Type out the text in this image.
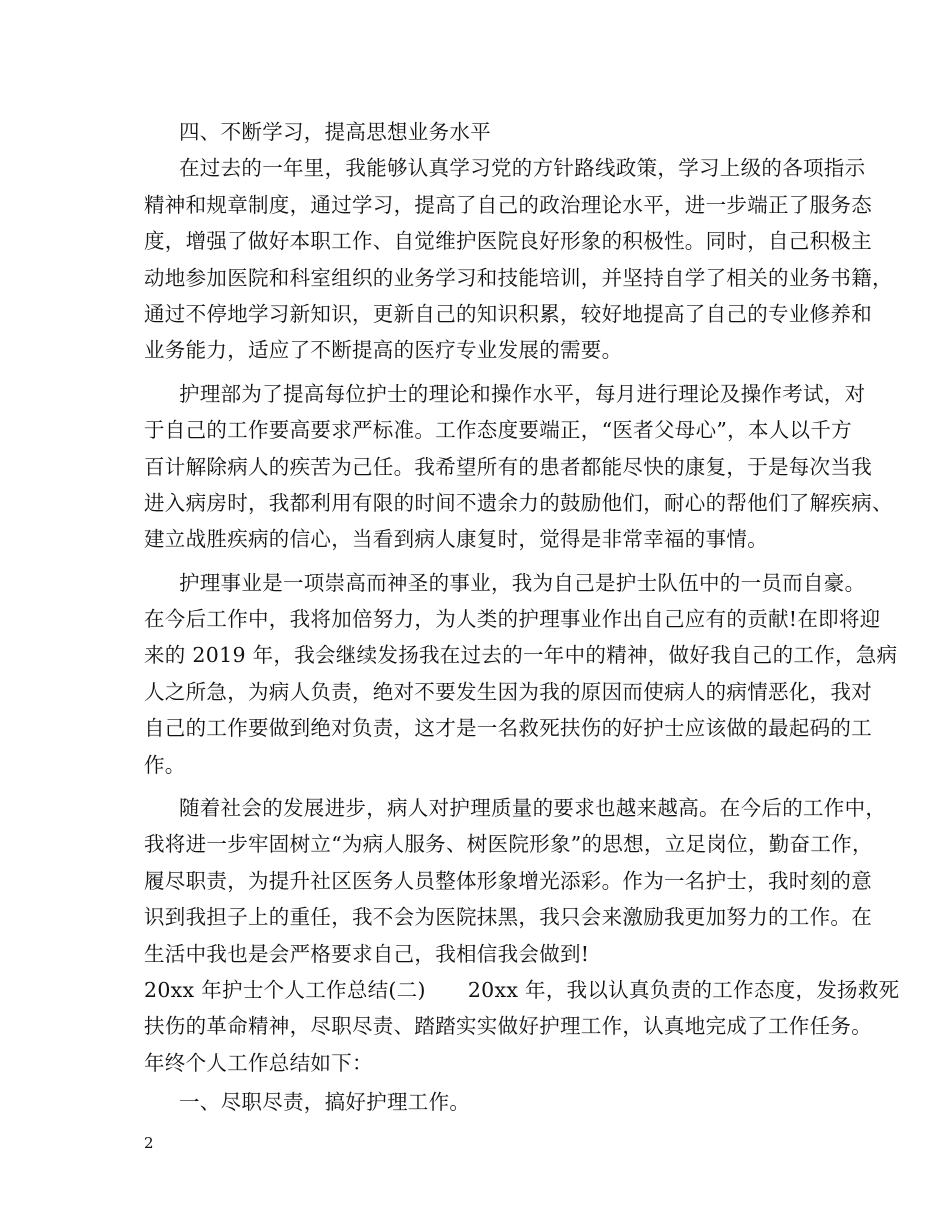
四、不断学习，提高思想业务水平
在过去的一年里，我能够认真学习党的方针路线政策，学习上级的各项指示
精神和规章制度，通过学习，提高了自己的政治理论水平，进一步端正了服务态
度，增强了做好本职工作、自觉维护医院良好形象的积极性。同时，自己积极主
动地参加医院和科室组织的业务学习和技能培训，并坚持自学了相关的业务书籍，
通过不停地学习新知识，更新自己的知识积累，较好地提高了自己的专业修养和
业务能力，适应了不断提高的医疗专业发展的需要。
护理部为了提高每位护士的理论和操作水平，每月进行理论及操作考试，对
于自己的工作要高要求严标准。工作态度要端正，“医者父母心”，本人以千方
百计解除病人的疾苦为己任。我希望所有的患者都能尽快的康复，于是每次当我
进入病房时，我都利用有限的时间不遗余力的鼓励他们，耐心的帮他们了解疾病、
建立战胜疾病的信心，当看到病人康复时，觉得是非常幸福的事情。
护理事业是一项崇高而神圣的事业，我为自己是护士队伍中的一员而自豪。
在今后工作中，我将加倍努力，为人类的护理事业作出自己应有的贡献!在即将迎
来的 2019 年，我会继续发扬我在过去的一年中的精神，做好我自己的工作，急病
人之所急，为病人负责，绝对不要发生因为我的原因而使病人的病情恶化，我对
自己的工作要做到绝对负责，这才是一名救死扶伤的好护士应该做的最起码的工
作。
随着社会的发展进步，病人对护理质量的要求也越来越高。在今后的工作中，
我将进一步牢固树立“为病人服务、树医院形象”的思想，立足岗位，勤奋工作，
履尽职责，为提升社区医务人员整体形象增光添彩。作为一名护士，我时刻的意
识到我担子上的重任，我不会为医院抹黑，我只会来激励我更加努力的工作。在
生活中我也是会严格要求自己，我相信我会做到!
20xx 年护士个人工作总结(二) 20xx 年，我以认真负责的工作态度，发扬救死
扶伤的革命精神，尽职尽责、踏踏实实做好护理工作，认真地完成了工作任务。
年终个人工作总结如下：
一、尽职尽责，搞好护理工作。
2
